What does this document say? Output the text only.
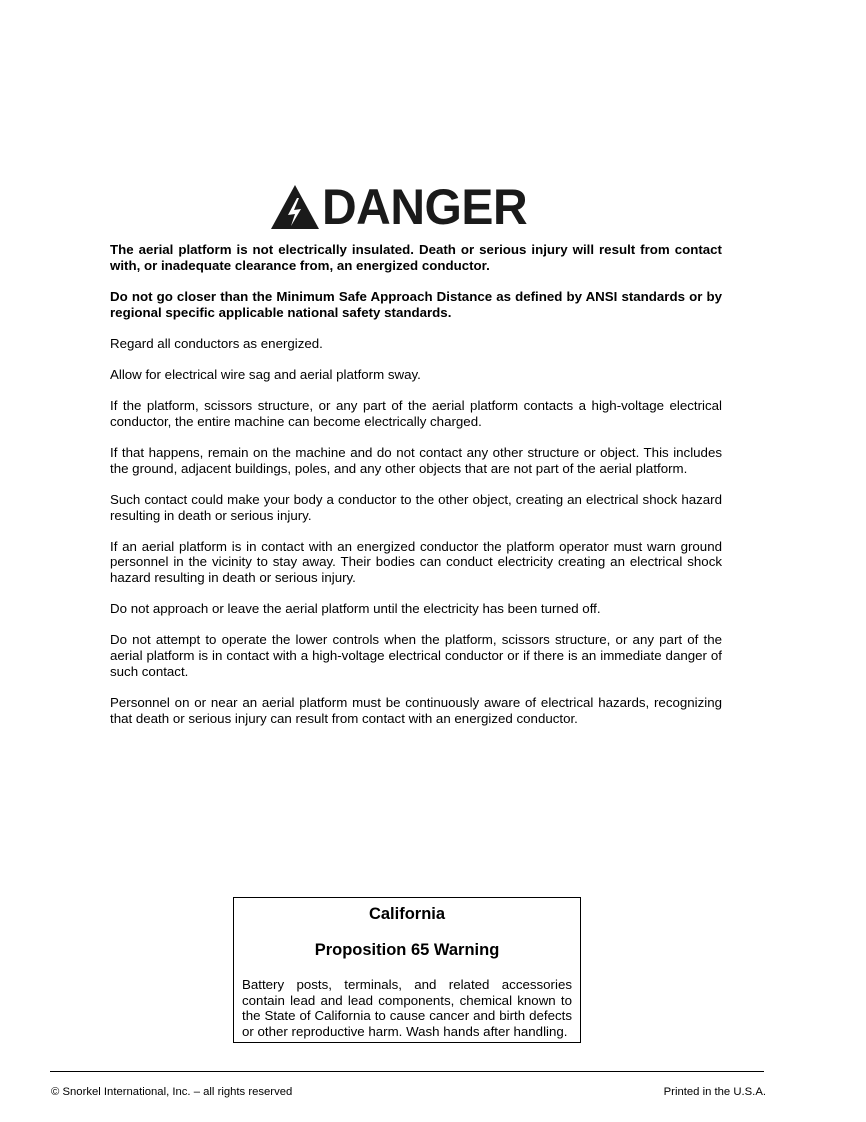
DANGER

The aerial platform is not electrically insulated. Death or serious injury will result from contact with, or inadequate clearance from, an energized conductor.

Do not go closer than the Minimum Safe Approach Distance as defined by ANSI standards or by regional specific applicable national safety standards.

Regard all conductors as energized.

Allow for electrical wire sag and aerial platform sway.

If the platform, scissors structure, or any part of the aerial platform contacts a high-voltage electrical conductor, the entire machine can become electrically charged.

If that happens, remain on the machine and do not contact any other structure or object. This includes the ground, adjacent buildings, poles, and any other objects that are not part of the aerial platform.

Such contact could make your body a conductor to the other object, creating an electrical shock hazard resulting in death or serious injury.

If an aerial platform is in contact with an energized conductor the platform operator must warn ground personnel in the vicinity to stay away. Their bodies can conduct electricity creating an electrical shock hazard resulting in death or serious injury.

Do not approach or leave the aerial platform until the electricity has been turned off.

Do not attempt to operate the lower controls when the platform, scissors structure, or any part of the aerial platform is in contact with a high-voltage electrical conductor or if there is an immediate danger of such contact.

Personnel on or near an aerial platform must be continuously aware of electrical hazards, recognizing that death or serious injury can result from contact with an energized conductor.

California

Proposition 65 Warning

Battery posts, terminals, and related accessories contain lead and lead components, chemical known to the State of California to cause cancer and birth defects or other reproductive harm. Wash hands after handling.

© Snorkel International, Inc. – all rights reserved	Printed in the U.S.A.
